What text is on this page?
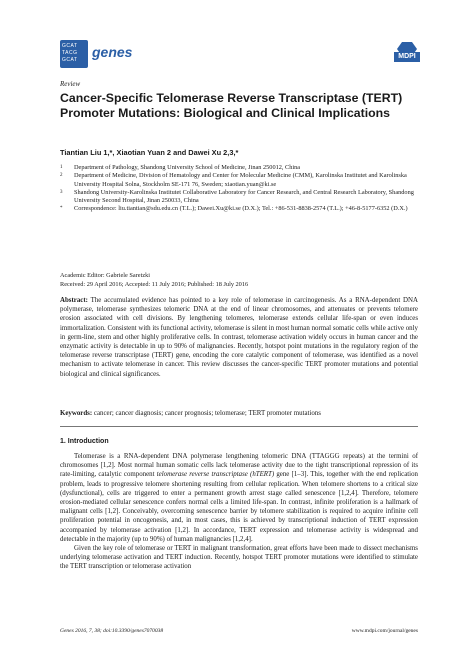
GCAT
TACG
GCAT genes	MDPI
Review
Cancer-Specific Telomerase Reverse Transcriptase (TERT) Promoter Mutations: Biological and Clinical Implications
Tiantian Liu 1,*, Xiaotian Yuan 2 and Dawei Xu 2,3,*
1	Department of Pathology, Shandong University School of Medicine, Jinan 250012, China
2	Department of Medicine, Division of Hematology and Center for Molecular Medicine (CMM), Karolinska Institutet and Karolinska University Hospital Solna, Stockholm SE-171 76, Sweden; xiaotian.yuan@ki.se
3	Shandong University-Karolinska Institutet Collaborative Laboratory for Cancer Research, and Central Research Laboratory, Shandong University Second Hospital, Jinan 250033, China
*	Correspondence: liu.tiantian@sdu.edu.cn (T.L.); Dawei.Xu@ki.se (D.X.); Tel.: +86-531-8838-2574 (T.L.); +46-8-5177-6352 (D.X.)
Academic Editor: Gabriele Saretzki
Received: 29 April 2016; Accepted: 11 July 2016; Published: 18 July 2016
Abstract: The accumulated evidence has pointed to a key role of telomerase in carcinogenesis. As a RNA-dependent DNA polymerase, telomerase synthesizes telomeric DNA at the end of linear chromosomes, and attenuates or prevents telomere erosion associated with cell divisions. By lengthening telomeres, telomerase extends cellular life-span or even induces immortalization. Consistent with its functional activity, telomerase is silent in most human normal somatic cells while active only in germ-line, stem and other highly proliferative cells. In contrast, telomerase activation widely occurs in human cancer and the enzymatic activity is detectable in up to 90% of malignancies. Recently, hotspot point mutations in the regulatory region of the telomerase reverse transcriptase (TERT) gene, encoding the core catalytic component of telomerase, was identified as a novel mechanism to activate telomerase in cancer. This review discusses the cancer-specific TERT promoter mutations and potential biological and clinical significances.
Keywords: cancer; cancer diagnosis; cancer prognosis; telomerase; TERT promoter mutations
1. Introduction

Telomerase is a RNA-dependent DNA polymerase lengthening telomeric DNA (TTAGGG repeats) at the termini of chromosomes [1,2]. Most normal human somatic cells lack telomerase activity due to the tight transcriptional repression of its rate-limiting, catalytic component telomerase reverse transcriptase (hTERT) gene [1–3]. This, together with the end replication problem, leads to progressive telomere shortening resulting from cellular replication. When telomere shortens to a critical size (dysfunctional), cells are triggered to enter a permanent growth arrest stage called senescence [1,2,4]. Therefore, telomere erosion-mediated cellular senescence confers normal cells a limited life-span. In contrast, infinite proliferation is a hallmark of malignant cells [1,2]. Conceivably, overcoming senescence barrier by telomere stabilization is required to acquire infinite cell proliferation potential in oncogenesis, and, in most cases, this is achieved by transcriptional induction of TERT expression accompanied by telomerase activation [1,2]. In accordance, TERT expression and telomerase activity is widespread and detectable in the majority (up to 90%) of human malignancies [1,2,4].

Given the key role of telomerase or TERT in malignant transformation, great efforts have been made to dissect mechanisms underlying telomerase activation and TERT induction. Recently, hotspot TERT promoter mutations were identified to stimulate the TERT transcription or telomerase activation

Genes 2016, 7, 38; doi:10.3390/genes7070038	www.mdpi.com/journal/genes
